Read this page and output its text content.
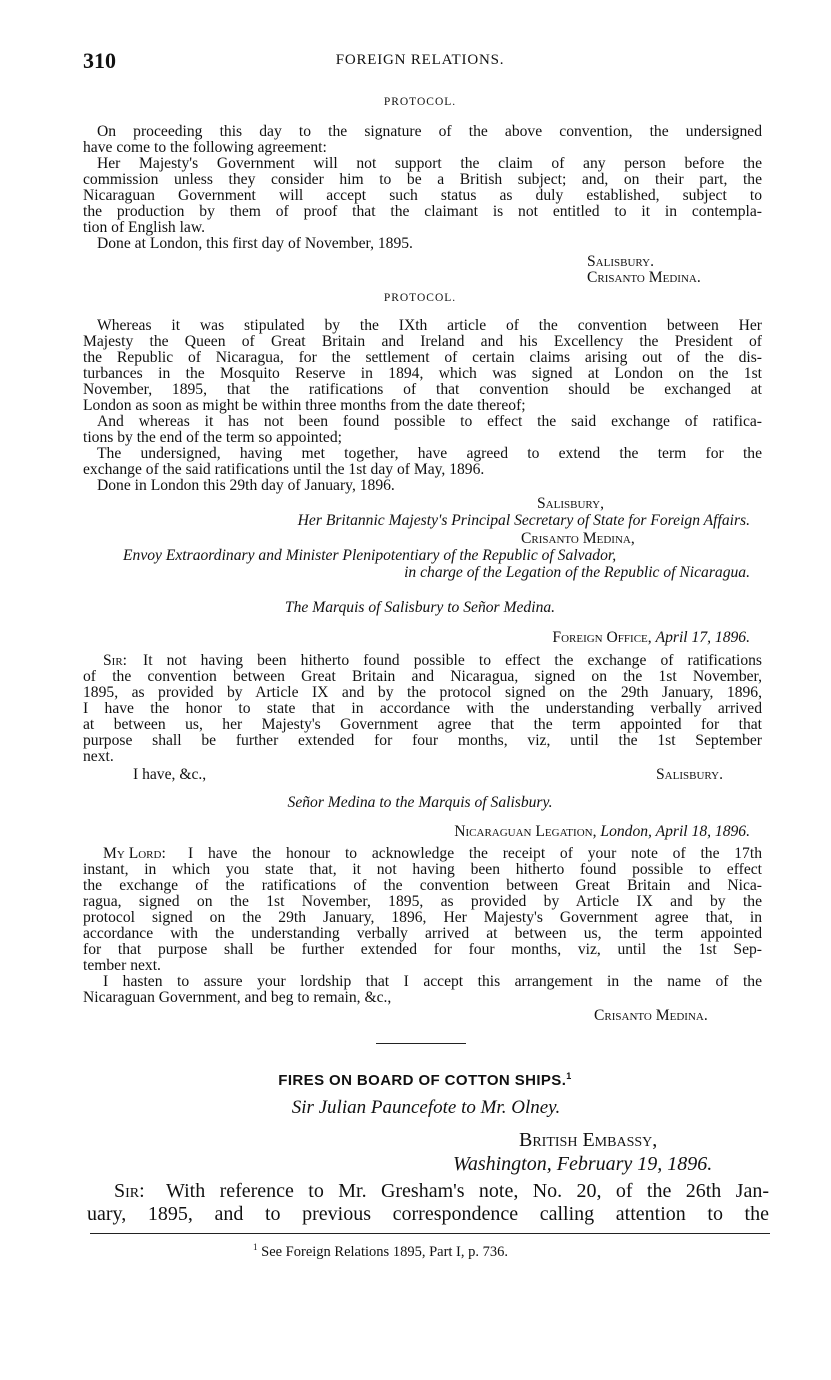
310	FOREIGN RELATIONS.
PROTOCOL.
On proceeding this day to the signature of the above convention, the undersigned
have come to the following agreement:
Her Majesty's Government will not support the claim of any person before the
commission unless they consider him to be a British subject; and, on their part, the
Nicaraguan Government will accept such status as duly established, subject to
the production by them of proof that the claimant is not entitled to it in contempla-
tion of English law.
Done at London, this first day of November, 1895.
Salisbury.
Crisanto Medina.
PROTOCOL.
Whereas it was stipulated by the IXth article of the convention between Her
Majesty the Queen of Great Britain and Ireland and his Excellency the President of
the Republic of Nicaragua, for the settlement of certain claims arising out of the dis-
turbances in the Mosquito Reserve in 1894, which was signed at London on the 1st
November, 1895, that the ratifications of that convention should be exchanged at
London as soon as might be within three months from the date thereof;
And whereas it has not been found possible to effect the said exchange of ratifica-
tions by the end of the term so appointed;
The undersigned, having met together, have agreed to extend the term for the
exchange of the said ratifications until the 1st day of May, 1896.
Done in London this 29th day of January, 1896.
Salisbury,
Her Britannic Majesty's Principal Secretary of State for Foreign Affairs.
Crisanto Medina,
Envoy Extraordinary and Minister Plenipotentiary of the Republic of Salvador,
in charge of the Legation of the Republic of Nicaragua.
The Marquis of Salisbury to Señor Medina.
Foreign Office, April 17, 1896.
Sir: It not having been hitherto found possible to effect the exchange of ratifications
of the convention between Great Britain and Nicaragua, signed on the 1st November,
1895, as provided by Article IX and by the protocol signed on the 29th January, 1896,
I have the honor to state that in accordance with the understanding verbally arrived
at between us, her Majesty's Government agree that the term appointed for that
purpose shall be further extended for four months, viz, until the 1st September
next.
I have, &c.,	Salisbury.
Señor Medina to the Marquis of Salisbury.
Nicaraguan Legation, London, April 18, 1896.
My Lord: I have the honour to acknowledge the receipt of your note of the 17th
instant, in which you state that, it not having been hitherto found possible to effect
the exchange of the ratifications of the convention between Great Britain and Nica-
ragua, signed on the 1st November, 1895, as provided by Article IX and by the
protocol signed on the 29th January, 1896, Her Majesty's Government agree that, in
accordance with the understanding verbally arrived at between us, the term appointed
for that purpose shall be further extended for four months, viz, until the 1st Sep-
tember next.
I hasten to assure your lordship that I accept this arrangement in the name of the
Nicaraguan Government, and beg to remain, &c.,
Crisanto Medina.
FIRES ON BOARD OF COTTON SHIPS.$^1$
Sir Julian Pauncefote to Mr. Olney.
British Embassy,
Washington, February 19, 1896.
Sir: With reference to Mr. Gresham's note, No. 20, of the 26th Jan-
uary, 1895, and to previous correspondence calling attention to the
$^1$ See Foreign Relations 1895, Part I, p. 736.
